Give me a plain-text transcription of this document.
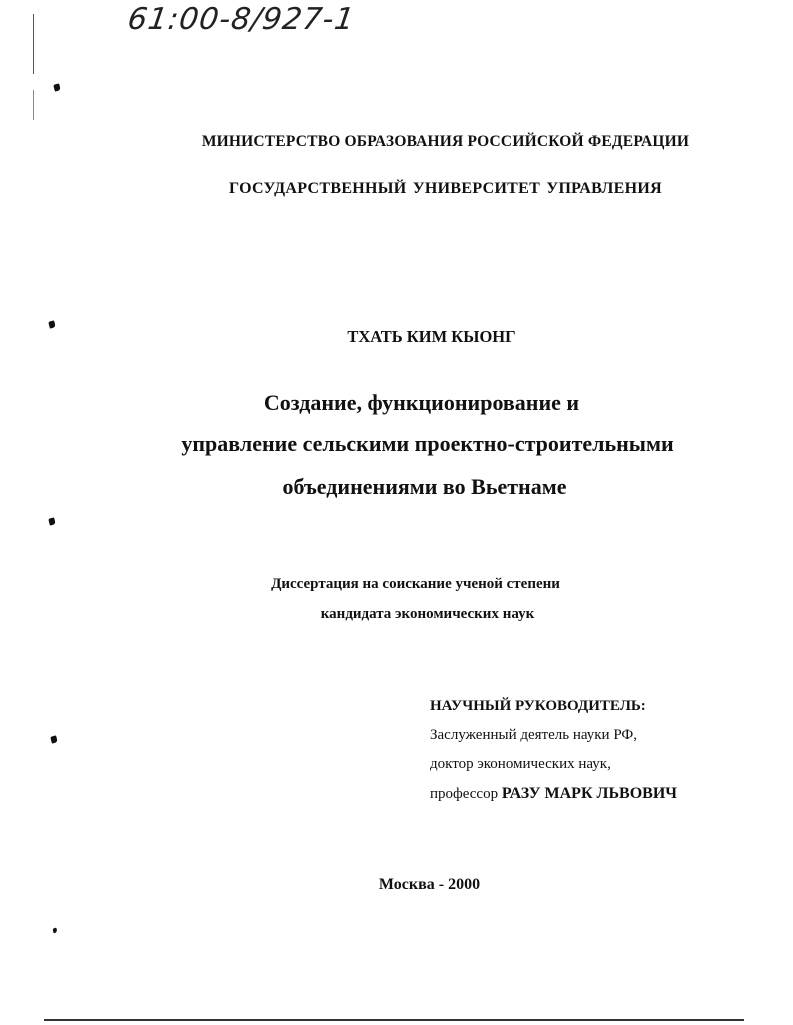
61:00-8/927-1
МИНИСТЕРСТВО ОБРАЗОВАНИЯ РОССИЙСКОЙ ФЕДЕРАЦИИ
ГОСУДАРСТВЕННЫЙ УНИВЕРСИТЕТ УПРАВЛЕНИЯ
ТХАТЬ КИМ КЫОНГ
Создание, функционирование и
управление сельскими проектно-строительными
объединениями во Вьетнаме
Диссертация на соискание ученой степени
кандидата экономических наук
НАУЧНЫЙ РУКОВОДИТЕЛЬ:
Заслуженный деятель науки РФ,
доктор экономических наук,
профессор РАЗУ МАРК ЛЬВОВИЧ
Москва - 2000
